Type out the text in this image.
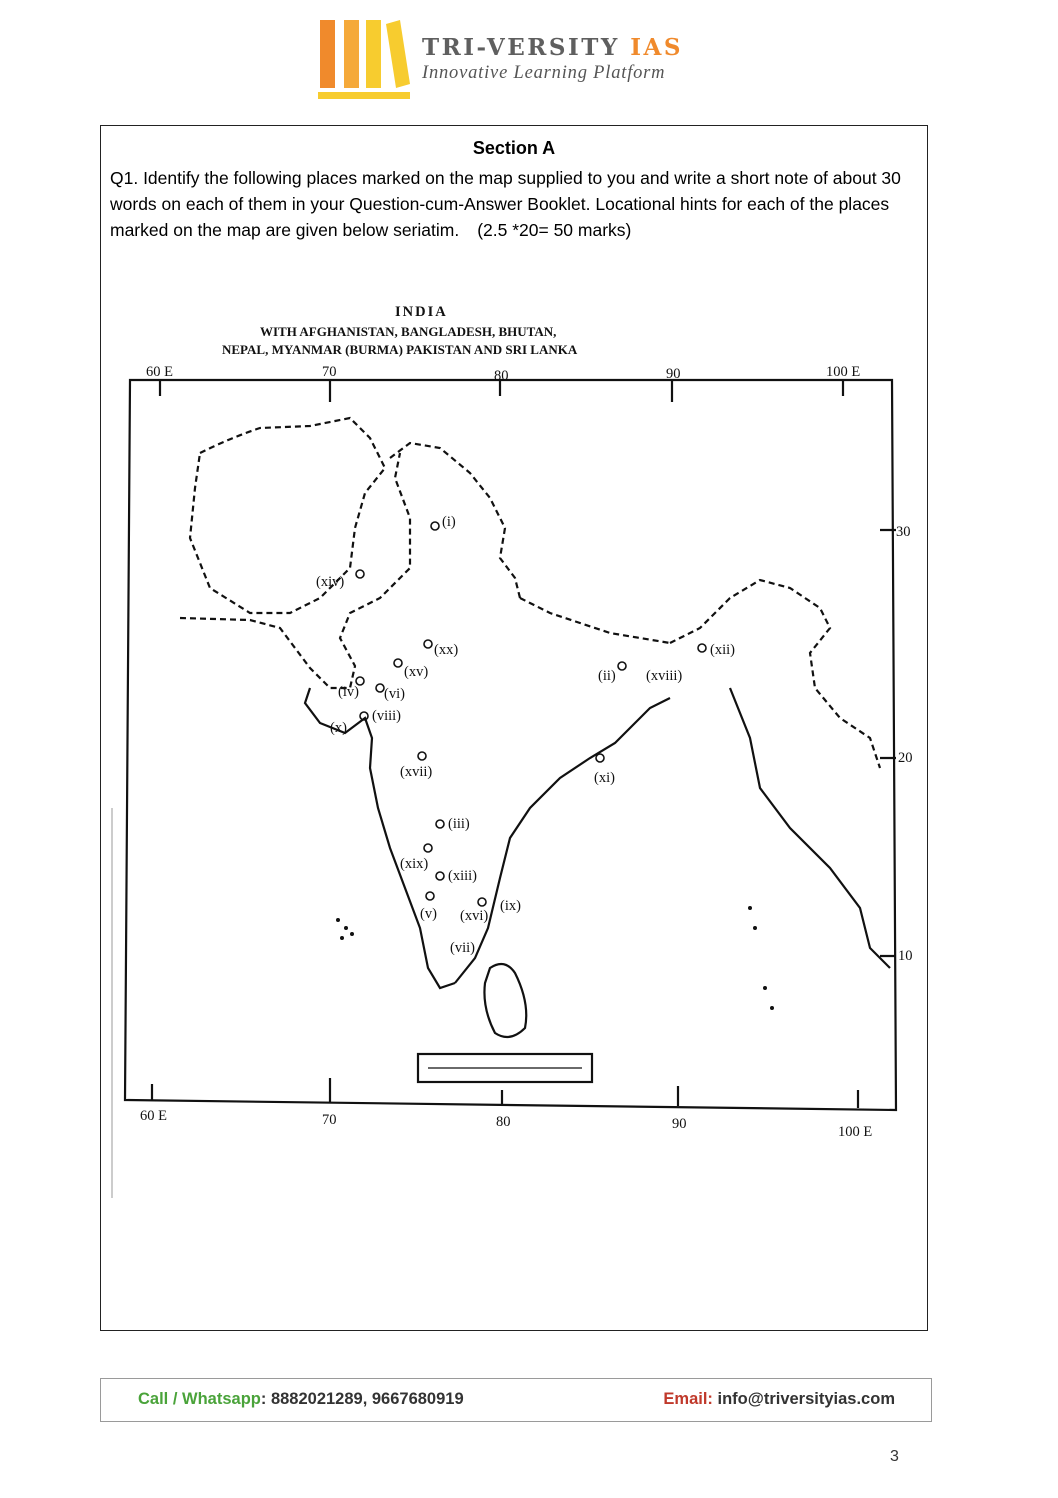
TRI-VERSITY IAS
Innovative Learning Platform
Section A
Q1. Identify the following places marked on the map supplied to you and write a short note of about 30 words on each of them in your Question-cum-Answer Booklet. Locational hints for each of the places marked on the map are given below seriatim. (2.5 *20= 50 marks)
INDIA
WITH AFGHANISTAN, BANGLADESH, BHUTAN,
NEPAL, MYANMAR (BURMA) PAKISTAN AND SRI LANKA
60 E	70	80	90	100 E
60 E	70	80	90	100 E
30
20
10
(i)
(xiv)
(xx)
(xv)
(iv) (vi)
(x)
(viii)
(xvii)
(ii) (xviii)
(xii)
(xi)
(iii)
(xix)
(xiii)
(v) (xvi)
(ix)
(vii)
Call / Whatsapp: 8882021289, 9667680919	Email: info@triversityias.com
3
